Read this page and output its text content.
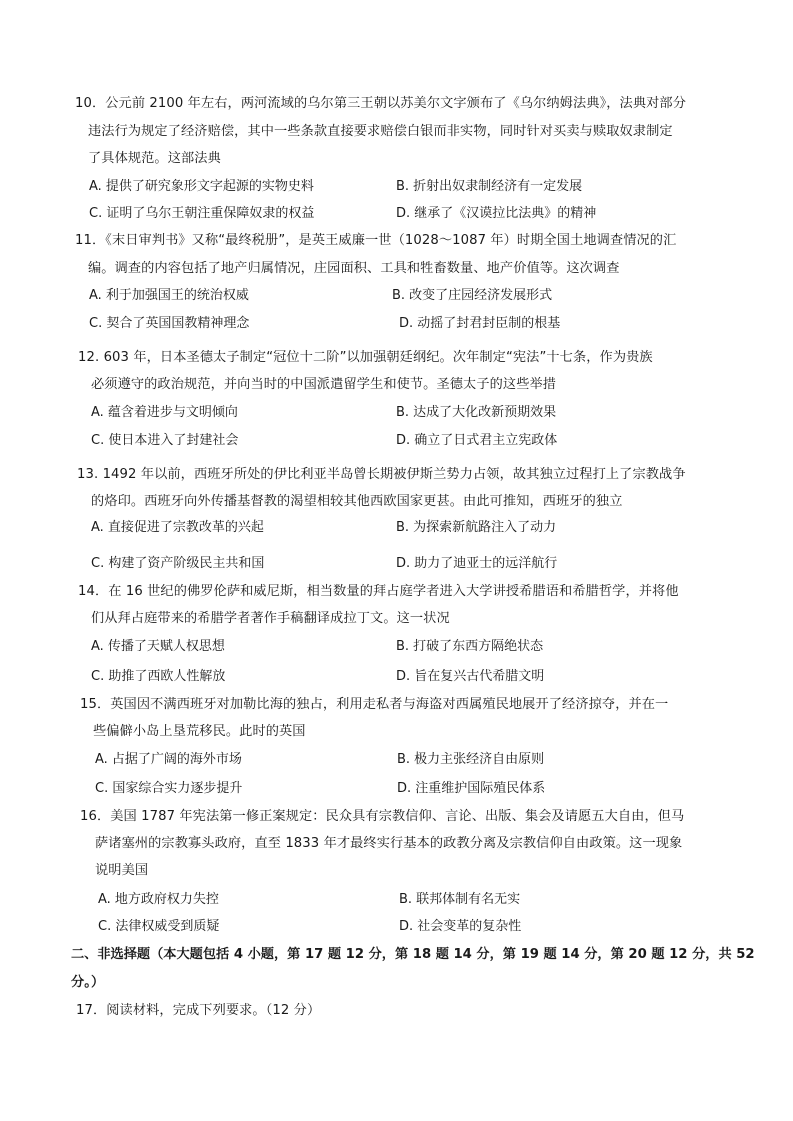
10．公元前 2100 年左右，两河流域的乌尔第三王朝以苏美尔文字颁布了《乌尔纳姆法典》，法典对部分
违法行为规定了经济赔偿，其中一些条款直接要求赔偿白银而非实物，同时针对买卖与赎取奴隶制定
了具体规范。这部法典
A. 提供了研究象形文字起源的实物史料	B. 折射出奴隶制经济有一定发展
C. 证明了乌尔王朝注重保障奴隶的权益	D. 继承了《汉谟拉比法典》的精神
11．《末日审判书》又称“最终税册”，是英王威廉一世（1028～1087 年）时期全国土地调查情况的汇
编。调查的内容包括了地产归属情况，庄园面积、工具和牲畜数量、地产价值等。这次调查
A. 利于加强国王的统治权威	B. 改变了庄园经济发展形式
C. 契合了英国国教精神理念	D. 动摇了封君封臣制的根基
12. 603 年，日本圣德太子制定“冠位十二阶”以加强朝廷纲纪。次年制定“宪法”十七条，作为贵族
必须遵守的政治规范，并向当时的中国派遣留学生和使节。圣德太子的这些举措
A. 蕴含着进步与文明倾向	B. 达成了大化改新预期效果
C. 使日本进入了封建社会	D. 确立了日式君主立宪政体
13. 1492 年以前，西班牙所处的伊比利亚半岛曾长期被伊斯兰势力占领，故其独立过程打上了宗教战争
的烙印。西班牙向外传播基督教的渴望相较其他西欧国家更甚。由此可推知，西班牙的独立
A. 直接促进了宗教改革的兴起	B. 为探索新航路注入了动力
C. 构建了资产阶级民主共和国	D. 助力了迪亚士的远洋航行
14．在 16 世纪的佛罗伦萨和威尼斯，相当数量的拜占庭学者进入大学讲授希腊语和希腊哲学，并将他
们从拜占庭带来的希腊学者著作手稿翻译成拉丁文。这一状况
A. 传播了天赋人权思想	B. 打破了东西方隔绝状态
C. 助推了西欧人性解放	D. 旨在复兴古代希腊文明
15．英国因不满西班牙对加勒比海的独占，利用走私者与海盗对西属殖民地展开了经济掠夺，并在一
些偏僻小岛上垦荒移民。此时的英国
A. 占据了广阔的海外市场	B. 极力主张经济自由原则
C. 国家综合实力逐步提升	D. 注重维护国际殖民体系
16．美国 1787 年宪法第一修正案规定：民众具有宗教信仰、言论、出版、集会及请愿五大自由，但马
萨诸塞州的宗教寡头政府，直至 1833 年才最终实行基本的政教分离及宗教信仰自由政策。这一现象
说明美国
A. 地方政府权力失控	B. 联邦体制有名无实
C. 法律权威受到质疑	D. 社会变革的复杂性
二、非选择题（本大题包括 4 小题，第 17 题 12 分，第 18 题 14 分，第 19 题 14 分，第 20 题 12 分，共 52
分。）
17．阅读材料，完成下列要求。（12 分）
